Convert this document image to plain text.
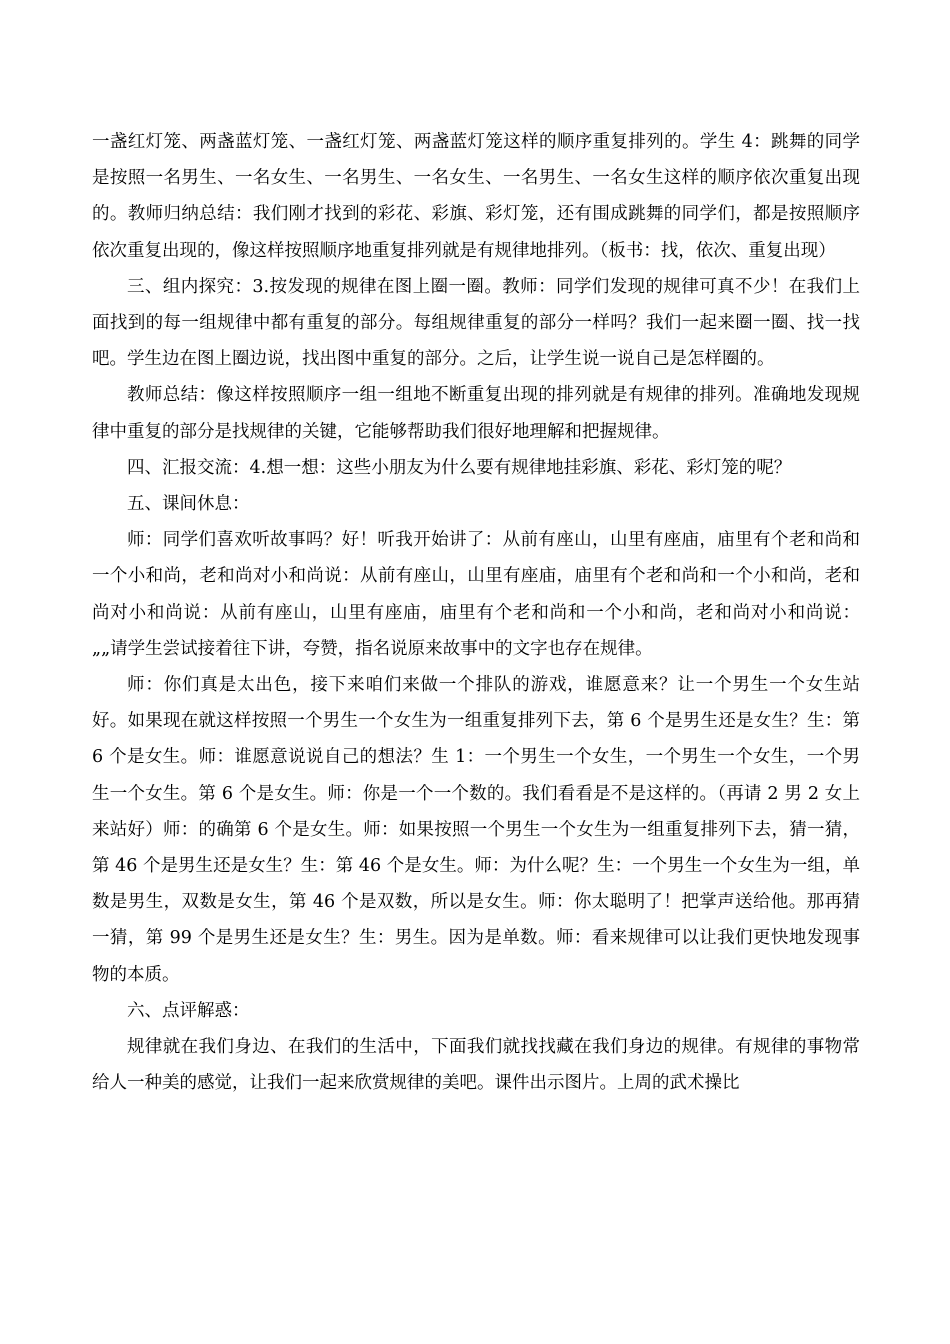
一盏红灯笼、两盏蓝灯笼、一盏红灯笼、两盏蓝灯笼这样的顺序重复排列的。学生 4：跳舞的同学是按照一名男生、一名女生、一名男生、一名女生、一名男生、一名女生这样的顺序依次重复出现的。教师归纳总结：我们刚才找到的彩花、彩旗、彩灯笼，还有围成跳舞的同学们，都是按照顺序依次重复出现的，像这样按照顺序地重复排列就是有规律地排列。（板书：找，依次、重复出现）

三、组内探究：3.按发现的规律在图上圈一圈。教师：同学们发现的规律可真不少！在我们上面找到的每一组规律中都有重复的部分。每组规律重复的部分一样吗？我们一起来圈一圈、找一找吧。学生边在图上圈边说，找出图中重复的部分。之后，让学生说一说自己是怎样圈的。

教师总结：像这样按照顺序一组一组地不断重复出现的排列就是有规律的排列。准确地发现规律中重复的部分是找规律的关键，它能够帮助我们很好地理解和把握规律。

四、汇报交流：4.想一想：这些小朋友为什么要有规律地挂彩旗、彩花、彩灯笼的呢？

五、课间休息：

师：同学们喜欢听故事吗？好！听我开始讲了：从前有座山，山里有座庙，庙里有个老和尚和一个小和尚，老和尚对小和尚说：从前有座山，山里有座庙，庙里有个老和尚和一个小和尚，老和尚对小和尚说：从前有座山，山里有座庙，庙里有个老和尚和一个小和尚，老和尚对小和尚说：„„请学生尝试接着往下讲，夸赞，指名说原来故事中的文字也存在规律。

师：你们真是太出色，接下来咱们来做一个排队的游戏，谁愿意来？让一个男生一个女生站好。如果现在就这样按照一个男生一个女生为一组重复排列下去，第 6 个是男生还是女生？生：第 6 个是女生。师：谁愿意说说自己的想法？生 1：一个男生一个女生，一个男生一个女生，一个男生一个女生。第 6 个是女生。师：你是一个一个数的。我们看看是不是这样的。（再请 2 男 2 女上来站好）师：的确第 6 个是女生。师：如果按照一个男生一个女生为一组重复排列下去，猜一猜，第 46 个是男生还是女生？生：第 46 个是女生。师：为什么呢？生：一个男生一个女生为一组，单数是男生，双数是女生，第 46 个是双数，所以是女生。师：你太聪明了！把掌声送给他。那再猜一猜，第 99 个是男生还是女生？生：男生。因为是单数。师：看来规律可以让我们更快地发现事物的本质。

六、点评解惑：

规律就在我们身边、在我们的生活中，下面我们就找找藏在我们身边的规律。有规律的事物常给人一种美的感觉，让我们一起来欣赏规律的美吧。课件出示图片。上周的武术操比
